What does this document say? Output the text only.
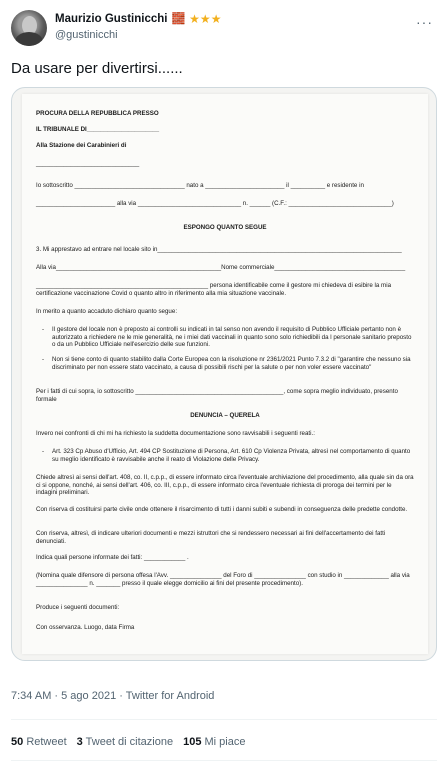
Maurizio Gustinicchi 🧱 ★★★
@gustinicchi
···
Da usare per divertirsi......
PROCURA DELLA REPUBBLICA PRESSO
IL TRIBUNALE DI_____________________
Alla Stazione dei Carabinieri di
______________________________
Io sottoscritto ________________________________ nato a _______________________ il __________ e residente in
_______________________ alla via ______________________________ n. ______ (C.F.: ______________________________)
ESPONGO QUANTO SEGUE
3. Mi apprestavo ad entrare nel locale sito in_______________________________________________________________________
Alla via________________________________________________Nome commerciale______________________________________
__________________________________________________ persona identificabile come il gestore mi chiedeva di esibire la mia certificazione vaccinazione Covid o quanto altro in riferimento alla mia situazione vaccinale.
In merito a quanto accaduto dichiaro quanto segue:
- Il gestore del locale non è preposto ai controlli su indicati in tal senso non avendo il requisito di Pubblico Ufficiale pertanto non è autorizzato a richiedere ne le mie generalità, ne i miei dati vaccinali in quanto sono solo richiedibili da l personale sanitario preposto o da un Pubblico Ufficiale nell'esercizio delle sue funzioni.
- Non si tiene conto di quanto stabilito dalla Corte Europea con la risoluzione nr 2361/2021 Punto 7.3.2 di "garantire che nessuno sia discriminato per non essere stato vaccinato, a causa di possibili rischi per la salute o per non voler essere vaccinato"
Per i fatti di cui sopra, io sottoscritto ___________________________________________, come sopra meglio individuato, presento formale
DENUNCIA – QUERELA
Invero nei confronti di chi mi ha richiesto la suddetta documentazione sono ravvisabili i seguenti reati.:
- Art. 323 Cp Abuso d'Ufficio, Art. 494 CP Sostituzione di Persona, Art. 610 Cp Violenza Privata, altresì nel comportamento di quanto su meglio identificato è ravvisabile anche il reato di Violazione delle Privacy.
Chiede altresì ai sensi dell'art. 408, co. II, c.p.p., di essere informato circa l'eventuale archiviazione del procedimento, alla quale sin da ora ci si oppone, nonché, ai sensi dell'art. 406, co. III, c.p.p., di essere informato circa l'eventuale richiesta di proroga dei termini per le indagini preliminari.
Con riserva di costituirsi parte civile onde ottenere il risarcimento di tutti i danni subiti e subendi in conseguenza delle predette condotte.
Con riserva, altresì, di indicare ulteriori documenti e mezzi istruttori che si rendessero necessari ai fini dell'accertamento dei fatti denunciati.
Indica quali persone informate dei fatti: ____________ .
(Nomina quale difensore di persona offesa l'Avv. _______________ del Foro di _______________ con studio in _____________ alla via _______________ n. _______ presso il quale elegge domicilio ai fini del presente procedimento).
Produce i seguenti documenti:
Con osservanza. Luogo, data Firma
7:34 AM · 5 ago 2021 · Twitter for Android
50 Retweet 3 Tweet di citazione 105 Mi piace
